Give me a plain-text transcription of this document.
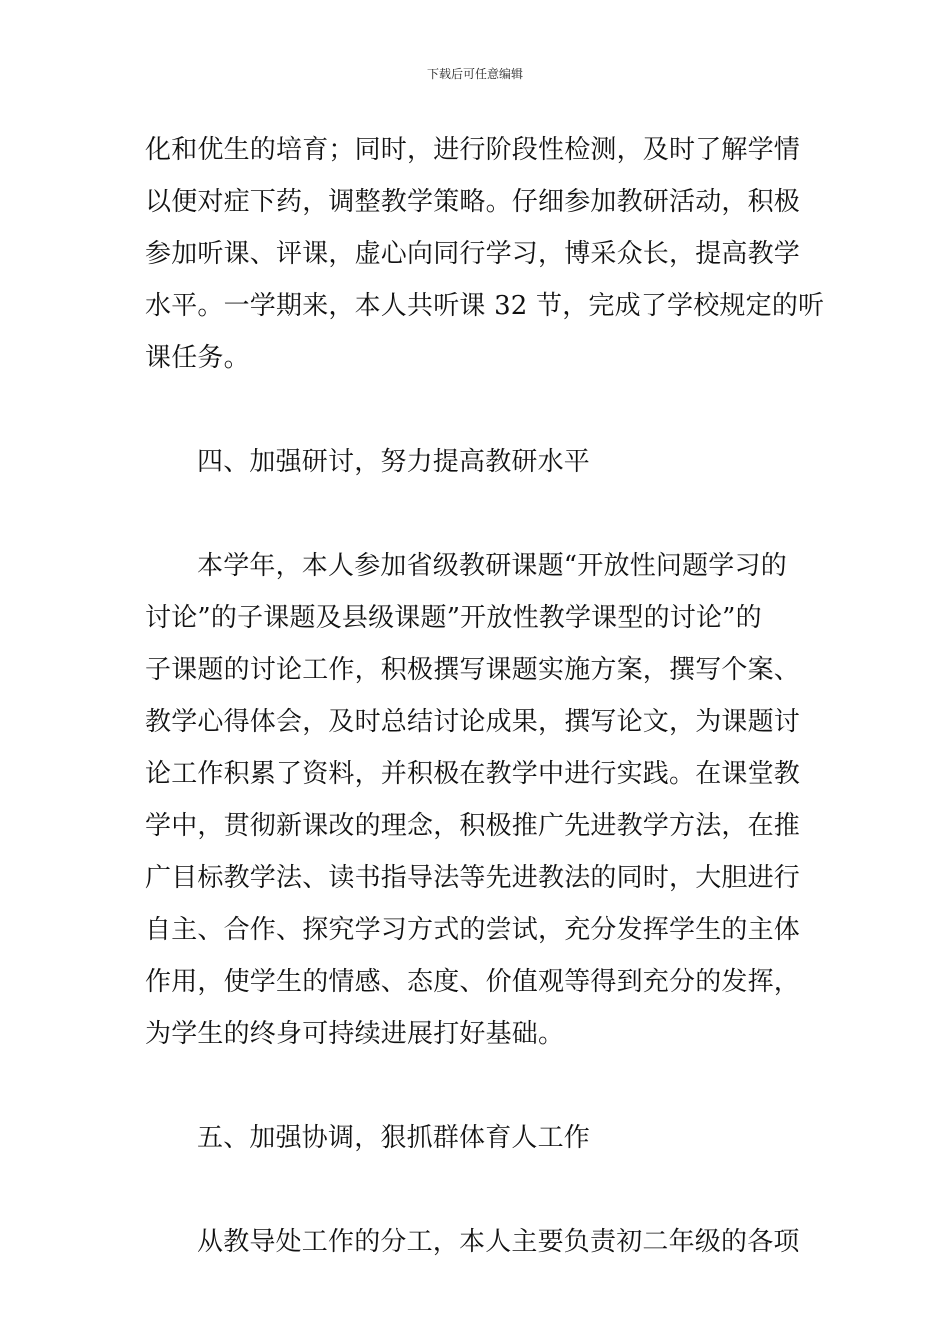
下载后可任意编辑
化和优生的培育；同时，进行阶段性检测，及时了解学情
以便对症下药，调整教学策略。仔细参加教研活动，积极
参加听课、评课，虚心向同行学习，博采众长，提高教学
水平。一学期来，本人共听课 32 节，完成了学校规定的听
课任务。
四、加强研讨，努力提高教研水平
本学年，本人参加省级教研课题“开放性问题学习的
讨论”的子课题及县级课题”开放性教学课型的讨论”的
子课题的讨论工作，积极撰写课题实施方案，撰写个案、
教学心得体会，及时总结讨论成果，撰写论文，为课题讨
论工作积累了资料，并积极在教学中进行实践。在课堂教
学中，贯彻新课改的理念，积极推广先进教学方法，在推
广目标教学法、读书指导法等先进教法的同时，大胆进行
自主、合作、探究学习方式的尝试，充分发挥学生的主体
作用，使学生的情感、态度、价值观等得到充分的发挥，
为学生的终身可持续进展打好基础。
五、加强协调，狠抓群体育人工作
从教导处工作的分工，本人主要负责初二年级的各项
